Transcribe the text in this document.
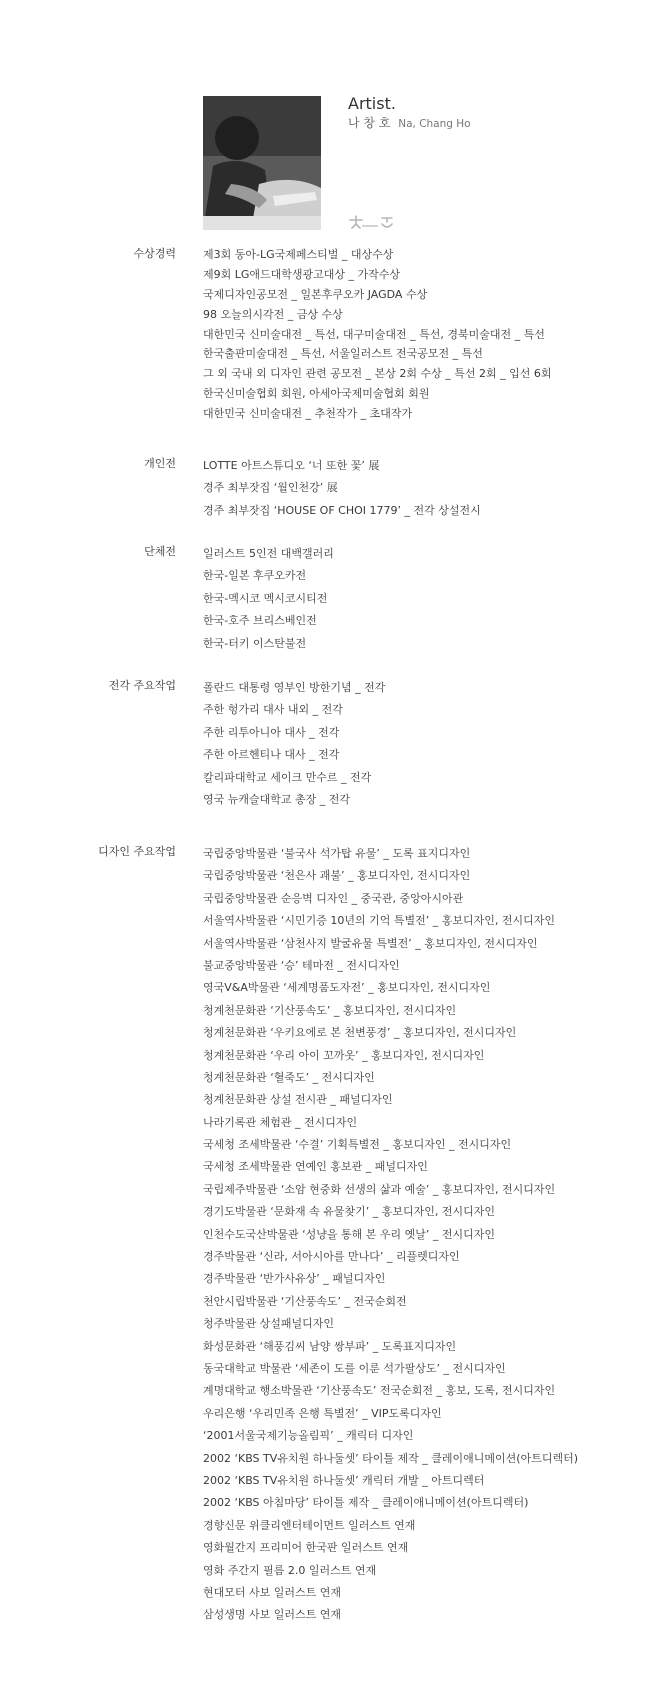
Artist.
나 창 호 Na, Chang Ho
수상경력 제3회 동아-LG국제페스티벌 _ 대상수상
제9회 LG애드대학생광고대상 _ 가작수상
국제디자인공모전 _ 일본후쿠오카 JAGDA 수상
98 오늘의시각전 _ 금상 수상
대한민국 신미술대전 _ 특선, 대구미술대전 _ 특선, 경북미술대전 _ 특선
한국출판미술대전 _ 특선, 서울일러스트 전국공모전 _ 특선
그 외 국내 외 디자인 관련 공모전 _ 본상 2회 수상 _ 특선 2회 _ 입선 6회
한국신미술협회 회원, 아세아국제미술협회 회원
대한민국 신미술대전 _ 추천작가 _ 초대작가
개인전 LOTTE 아트스튜디오 ‘너 또한 꽃’ 展
경주 최부잣집 ‘월인천강’ 展
경주 최부잣집 ‘HOUSE OF CHOI 1779’ _ 전각 상설전시
단체전 일러스트 5인전 대백갤러리
한국-일본 후쿠오카전
한국-멕시코 멕시코시티전
한국-호주 브리스베인전
한국-터키 이스탄불전
전각 주요작업 폴란드 대통령 영부인 방한기념 _ 전각
주한 헝가리 대사 내외 _ 전각
주한 리투아니아 대사 _ 전각
주한 아르헨티나 대사 _ 전각
칼리파대학교 세이크 만수르 _ 전각
영국 뉴캐슬대학교 총장 _ 전각
디자인 주요작업 국립중앙박물관 ‘불국사 석가탑 유물’ _ 도록 표지디자인
국립중앙박물관 ‘천은사 괘불’ _ 홍보디자인, 전시디자인
국립중앙박물관 순응벽 디자인 _ 중국관, 중앙아시아관
서울역사박물관 ‘시민기증 10년의 기억 특별전’ _ 홍보디자인, 전시디자인
서울역사박물관 ‘삼천사지 발굴유물 특별전’ _ 홍보디자인, 전시디자인
불교중앙박물관 ‘승’ 테마전 _ 전시디자인
영국V&A박물관 ‘세계명품도자전’ _ 홍보디자인, 전시디자인
청계천문화관 ‘기산풍속도’ _ 홍보디자인, 전시디자인
청계천문화관 ‘우키요에로 본 천변풍경’ _ 홍보디자인, 전시디자인
청계천문화관 ‘우리 아이 꼬까옷’ _ 홍보디자인, 전시디자인
청계천문화관 ‘혈죽도’ _ 전시디자인
청계천문화관 상설 전시관 _ 패널디자인
나라기록관 체험관 _ 전시디자인
국세청 조세박물관 ‘수결’ 기획특별전 _ 홍보디자인 _ 전시디자인
국세청 조세박물관 연예인 홍보관 _ 패널디자인
국립제주박물관 ‘소암 현중화 선생의 삶과 예술’ _ 홍보디자인, 전시디자인
경기도박물관 ‘문화재 속 유물찾기’ _ 홍보디자인, 전시디자인
인천수도국산박물관 ‘성냥을 통해 본 우리 옛날’ _ 전시디자인
경주박물관 ‘신라, 서아시아를 만나다’ _ 리플렛디자인
경주박물관 ‘반가사유상’ _ 패널디자인
천안시립박물관 ‘기산풍속도’ _ 전국순회전
청주박물관 상설패널디자인
화성문화관 ‘해풍김씨 남양 쌍부파’ _ 도록표지디자인
동국대학교 박물관 ‘세존이 도를 이룬 석가팔상도’ _ 전시디자인
계명대학교 행소박물관 ‘기산풍속도’ 전국순회전 _ 홍보, 도록, 전시디자인
우리은행 ‘우리민족 은행 특별전’ _ VIP도록디자인
‘2001서울국제기능올림픽’ _ 캐릭터 디자인
2002 ‘KBS TV유치원 하나둘셋’ 타이틀 제작 _ 클레이애니메이션(아트디렉터)
2002 ‘KBS TV유치원 하나둘셋’ 캐릭터 개발 _ 아트디렉터
2002 ‘KBS 아침마당’ 타이틀 제작 _ 클레이애니메이션(아트디렉터)
경향신문 위클리엔터테이먼트 일러스트 연재
영화월간지 프리미어 한국판 일러스트 연재
영화 주간지 필름 2.0 일러스트 연재
현대모터 사보 일러스트 연재
삼성생명 사보 일러스트 연재
